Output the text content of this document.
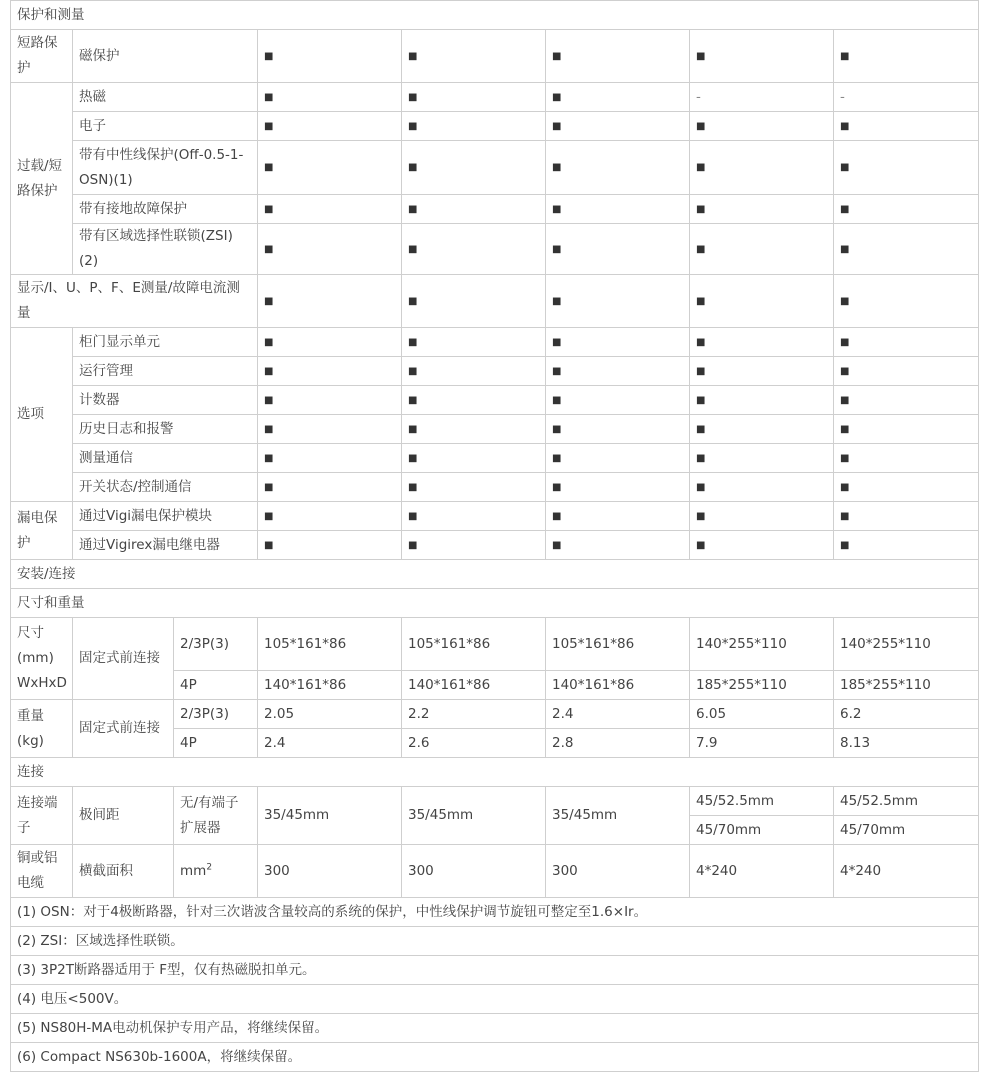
保护和测量							
短路保护	磁保护		■	■	■	■	■
过载/短路保护	热磁		■	■	■	-	-
	电子		■	■	■	■	■
	带有中性线保护(Off-0.5-1-OSN)(1)		■	■	■	■	■
	带有接地故障保护		■	■	■	■	■
	带有区域选择性联锁(ZSI)(2)		■	■	■	■	■
显示/I、U、P、F、E测量/故障电流测量			■	■	■	■	■
选项	柜门显示单元		■	■	■	■	■
	运行管理		■	■	■	■	■
	计数器		■	■	■	■	■
	历史日志和报警		■	■	■	■	■
	测量通信		■	■	■	■	■
	开关状态/控制通信		■	■	■	■	■
漏电保护	通过Vigi漏电保护模块		■	■	■	■	■
	通过Vigirex漏电继电器		■	■	■	■	■
安装/连接							
尺寸和重量							

尺寸(mm)
WxHxD	固定式前连接	2/3P(3)	105*161*86	105*161*86	105*161*86	140*255*110	140*255*110
		4P	140*161*86	140*161*86	140*161*86	185*255*110	185*255*110
重量(kg)	固定式前连接	2/3P(3)	2.05	2.2	2.4	6.05	6.2
		4P	2.4	2.6	2.8	7.9	8.13
连接							
连接端子	极间距	无/有端子扩展器	35/45mm	35/45mm	35/45mm	45/52.5mm	45/52.5mm
						45/70mm	45/70mm
铜或铝电缆	横截面积	$mm^2$	300	300	300	4*240	4*240
(1) OSN：对于4极断路器，针对三次谐波含量较高的系统的保护，中性线保护调节旋钮可整定至1.6×Ir。							
(2) ZSI：区域选择性联锁。							
(3) 3P2T断路器适用于 F型，仅有热磁脱扣单元。							
(4) 电压<500V。							
(5) NS80H-MA电动机保护专用产品，将继续保留。							
(6) Compact NS630b-1600A，将继续保留。							
